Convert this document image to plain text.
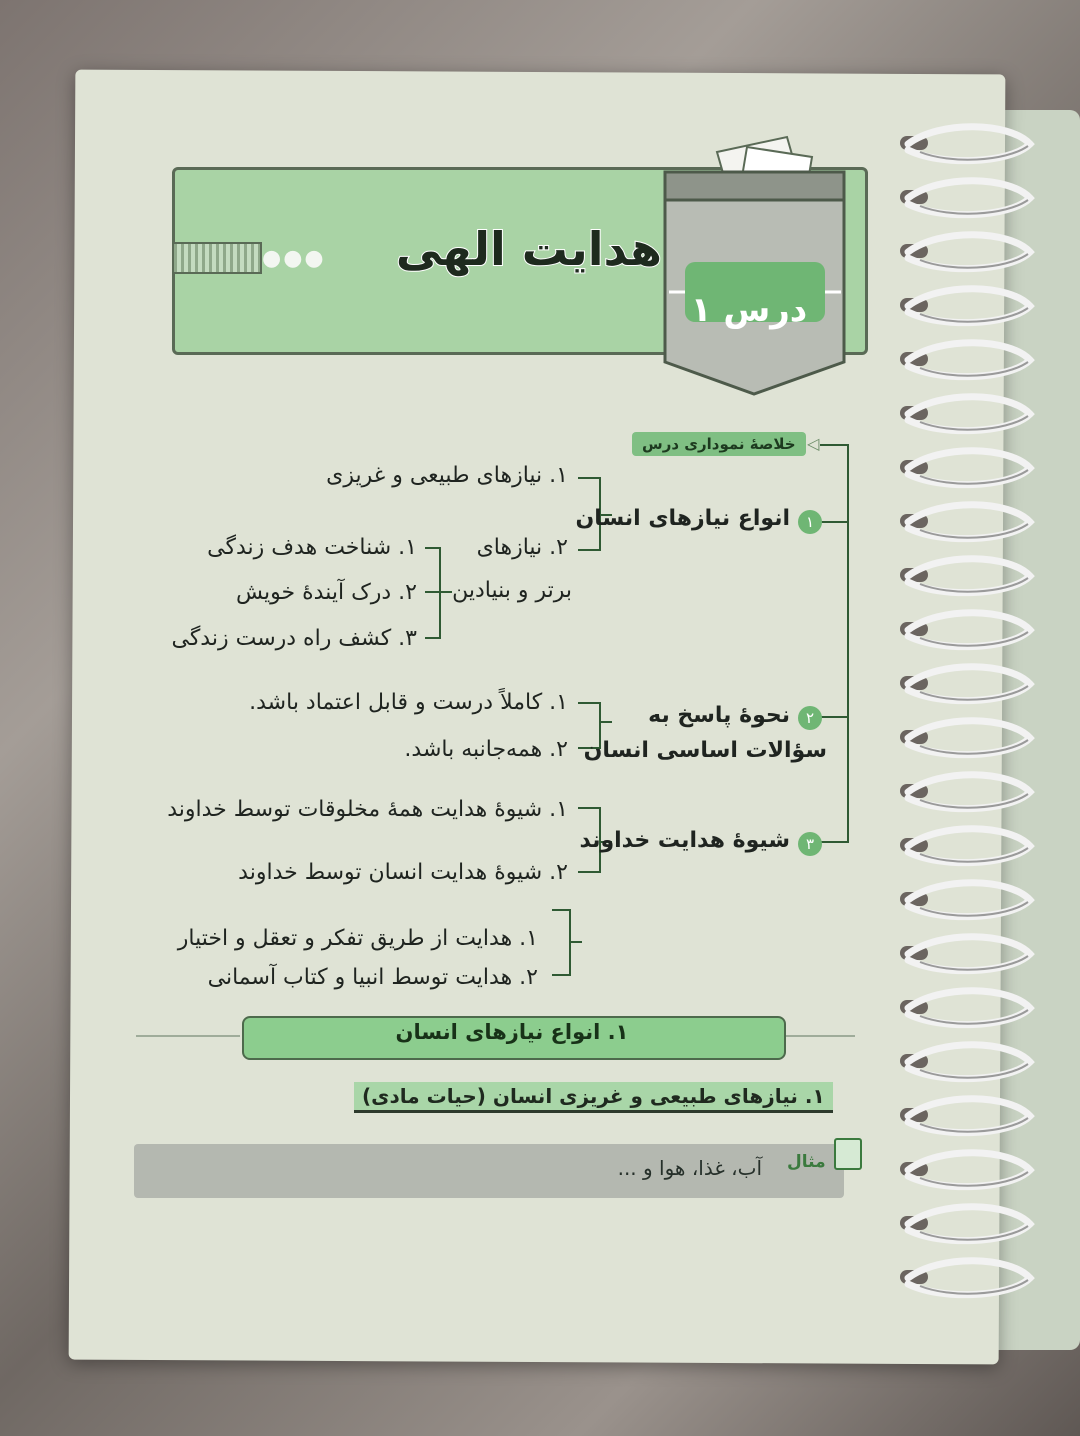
●●●	هدایت الهی
درس ۱
خلاصهٔ نموداری درس ◁
۱
انواع نیازهای انسان
۱. نیازهای طبیعی و غریزی
۲. نیازهای
برتر و بنیادین
۱. شناخت هدف زندگی
۲. درک آیندهٔ خویش
۳. کشف راه درست زندگی
۲
نحوهٔ پاسخ به
سؤالات اساسی انسان
۱. کاملاً درست و قابل اعتماد باشد.
۲. همه‌جانبه باشد.
۳
شیوهٔ هدایت خداوند
۱. شیوهٔ هدایت همهٔ مخلوقات توسط خداوند
۲. شیوهٔ هدایت انسان توسط خداوند
۱. هدایت از طریق تفکر و تعقل و اختیار
۲. هدایت توسط انبیا و کتاب آسمانی
۱. انواع نیازهای انسان
۱. نیازهای طبیعی و غریزی انسان (حیات مادی)
آب، غذا، هوا و ... مثال
